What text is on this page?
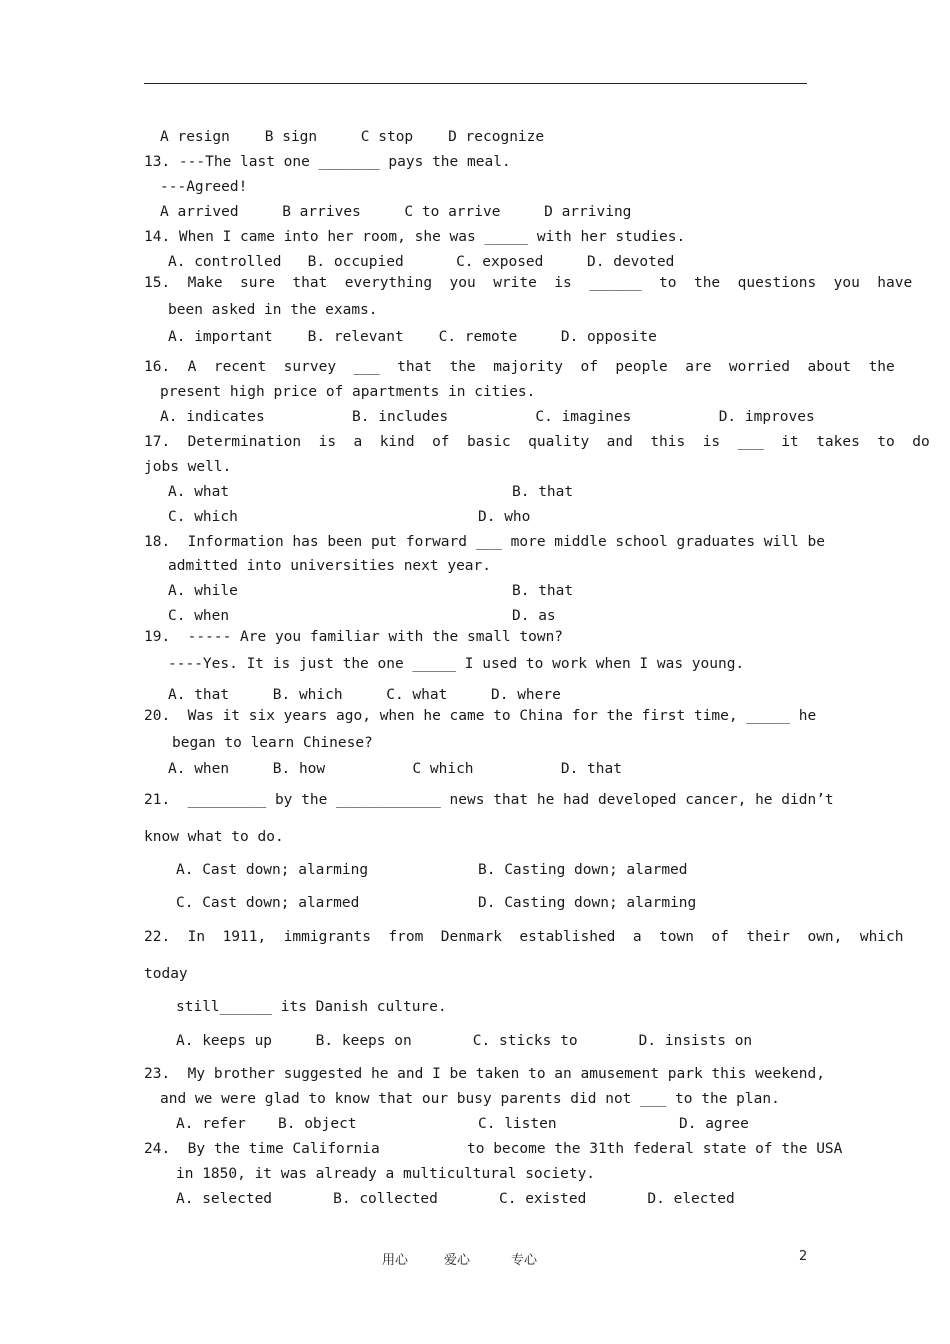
A resign    B sign     C stop    D recognize
13. ---The last one _______ pays the meal.
---Agreed!
A arrived     B arrives     C to arrive     D arriving
14. When I came into her room, she was _____ with her studies.
A. controlled   B. occupied      C. exposed     D. devoted
15.  Make  sure  that  everything  you  write  is  ______  to  the  questions  you  have
been asked in the exams.
A. important    B. relevant    C. remote     D. opposite
16.  A  recent  survey  ___  that  the  majority  of  people  are  worried  about  the
present high price of apartments in cities.
A. indicates          B. includes          C. imagines          D. improves
17.  Determination  is  a  kind  of  basic  quality  and  this  is  ___  it  takes  to  do
jobs well.
A. what	B. that
C. which	D. who
18.  Information has been put forward ___ more middle school graduates will be
admitted into universities next year.
A. while	B. that
C. when	D. as
19.  ----- Are you familiar with the small town?
----Yes. It is just the one _____ I used to work when I was young.
A. that     B. which     C. what     D. where
20.  Was it six years ago, when he came to China for the first time, _____ he
began to learn Chinese?
A. when     B. how          C which          D. that
21.  _________ by the ____________ news that he had developed cancer, he didn’t
know what to do.
A. Cast down; alarming	B. Casting down; alarmed
C. Cast down; alarmed	D. Casting down; alarming
22.  In  1911,  immigrants  from  Denmark  established  a  town  of  their  own,  which
today
still______ its Danish culture.
A. keeps up     B. keeps on       C. sticks to       D. insists on
23.  My brother suggested he and I be taken to an amusement park this weekend,
and we were glad to know that our busy parents did not ___ to the plan.
A. refer B. object	C. listen	D. agree
24.  By the time California          to become the 31th federal state of the USA
in 1850, it was already a multicultural society.
A. selected       B. collected       C. existed       D. elected
用心	爱心	专心	2
